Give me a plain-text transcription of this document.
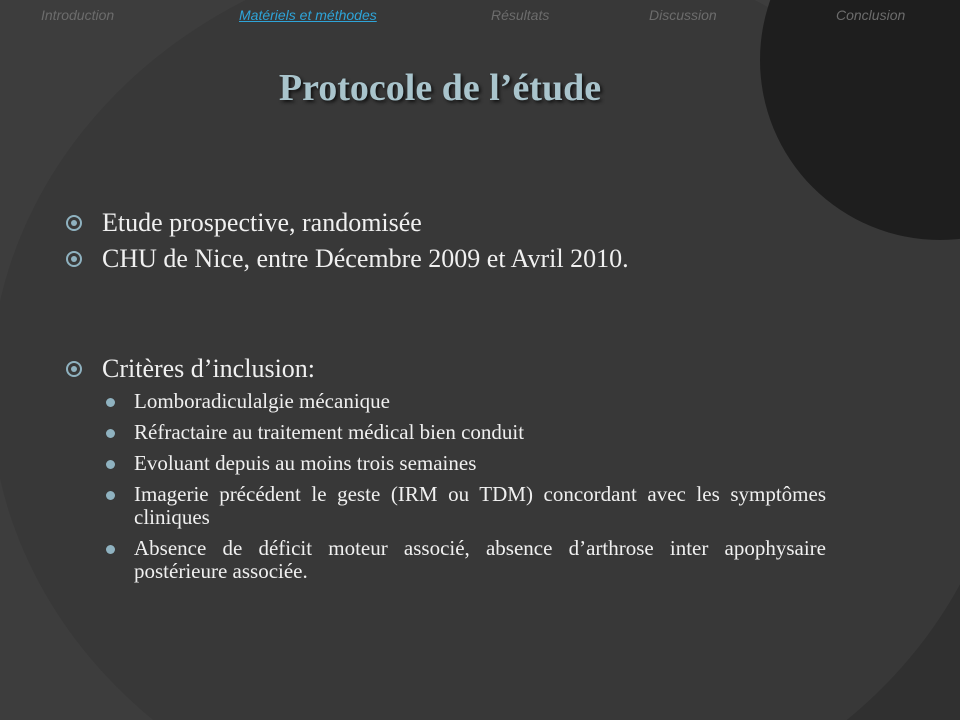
Introduction	Matériels et méthodes	Résultats	Discussion	Conclusion
Protocole de l’étude
Etude prospective, randomisée
CHU de Nice, entre Décembre 2009 et Avril 2010.
Critères d’inclusion:
Lomboradiculalgie mécanique
Réfractaire au traitement médical bien conduit
Evoluant depuis au moins trois semaines
Imagerie précédent le geste (IRM ou TDM) concordant avec les symptômes cliniques
Absence de déficit moteur associé, absence d’arthrose inter apophysaire postérieure associée.
